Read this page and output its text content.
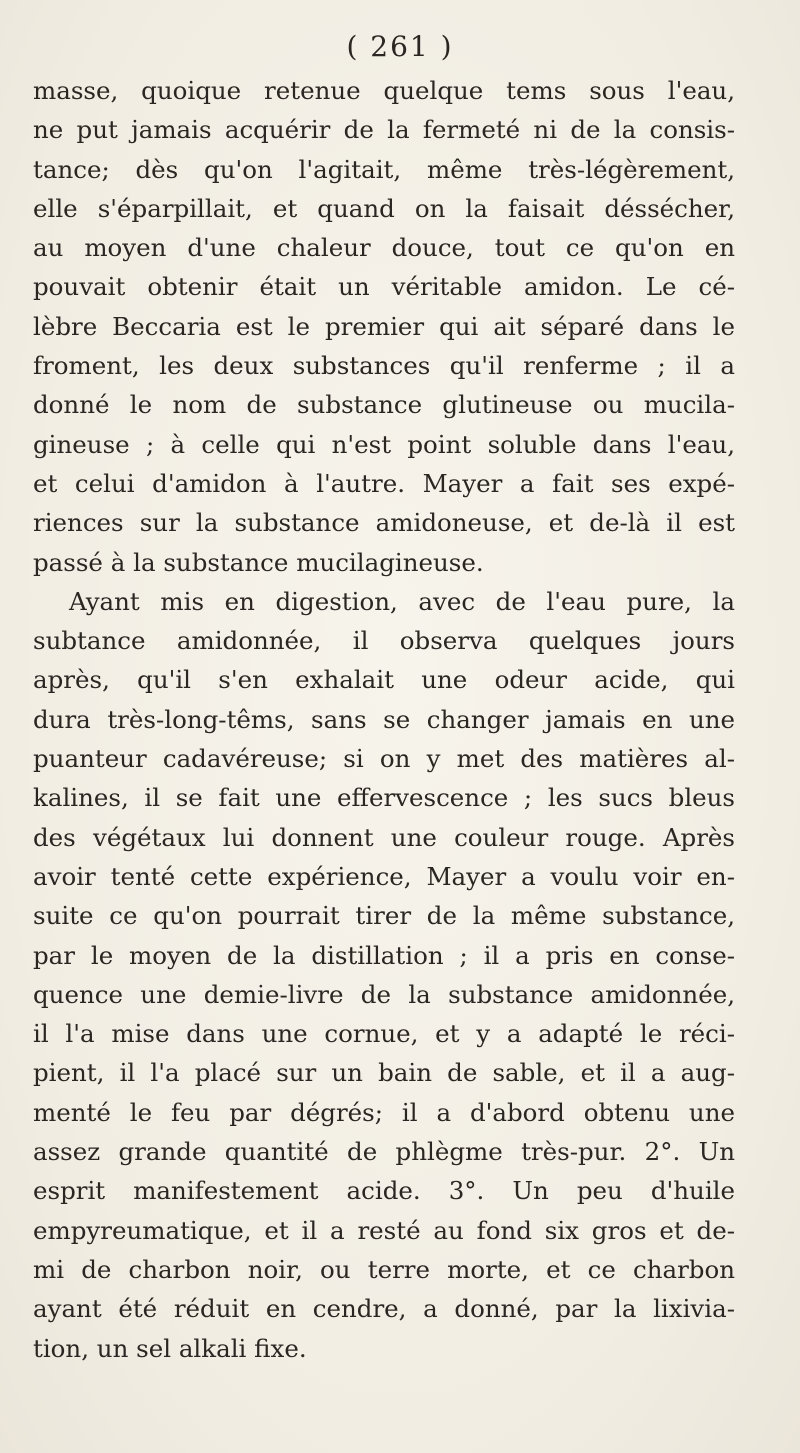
( 261 )
masse, quoique retenue quelque tems sous l'eau,
ne put jamais acquérir de la fermeté ni de la consis-
tance; dès qu'on l'agitait, même très-légèrement,
elle s'éparpillait, et quand on la faisait déssécher,
au moyen d'une chaleur douce, tout ce qu'on en
pouvait obtenir était un véritable amidon. Le cé-
lèbre Beccaria est le premier qui ait séparé dans le
froment, les deux substances qu'il renferme ; il a
donné le nom de substance glutineuse ou mucila-
gineuse ; à celle qui n'est point soluble dans l'eau,
et celui d'amidon à l'autre. Mayer a fait ses expé-
riences sur la substance amidoneuse, et de-là il est
passé à la substance mucilagineuse.
Ayant mis en digestion, avec de l'eau pure, la
subtance amidonnée, il observa quelques jours
après, qu'il s'en exhalait une odeur acide, qui
dura très-long-têms, sans se changer jamais en une
puanteur cadavéreuse; si on y met des matières al-
kalines, il se fait une effervescence ; les sucs bleus
des végétaux lui donnent une couleur rouge. Après
avoir tenté cette expérience, Mayer a voulu voir en-
suite ce qu'on pourrait tirer de la même substance,
par le moyen de la distillation ; il a pris en conse-
quence une demie-livre de la substance amidonnée,
il l'a mise dans une cornue, et y a adapté le réci-
pient, il l'a placé sur un bain de sable, et il a aug-
menté le feu par dégrés; il a d'abord obtenu une
assez grande quantité de phlègme très-pur. 2°. Un
esprit manifestement acide. 3°. Un peu d'huile
empyreumatique, et il a resté au fond six gros et de-
mi de charbon noir, ou terre morte, et ce charbon
ayant été réduit en cendre, a donné, par la lixivia-
tion, un sel alkali fixe.
